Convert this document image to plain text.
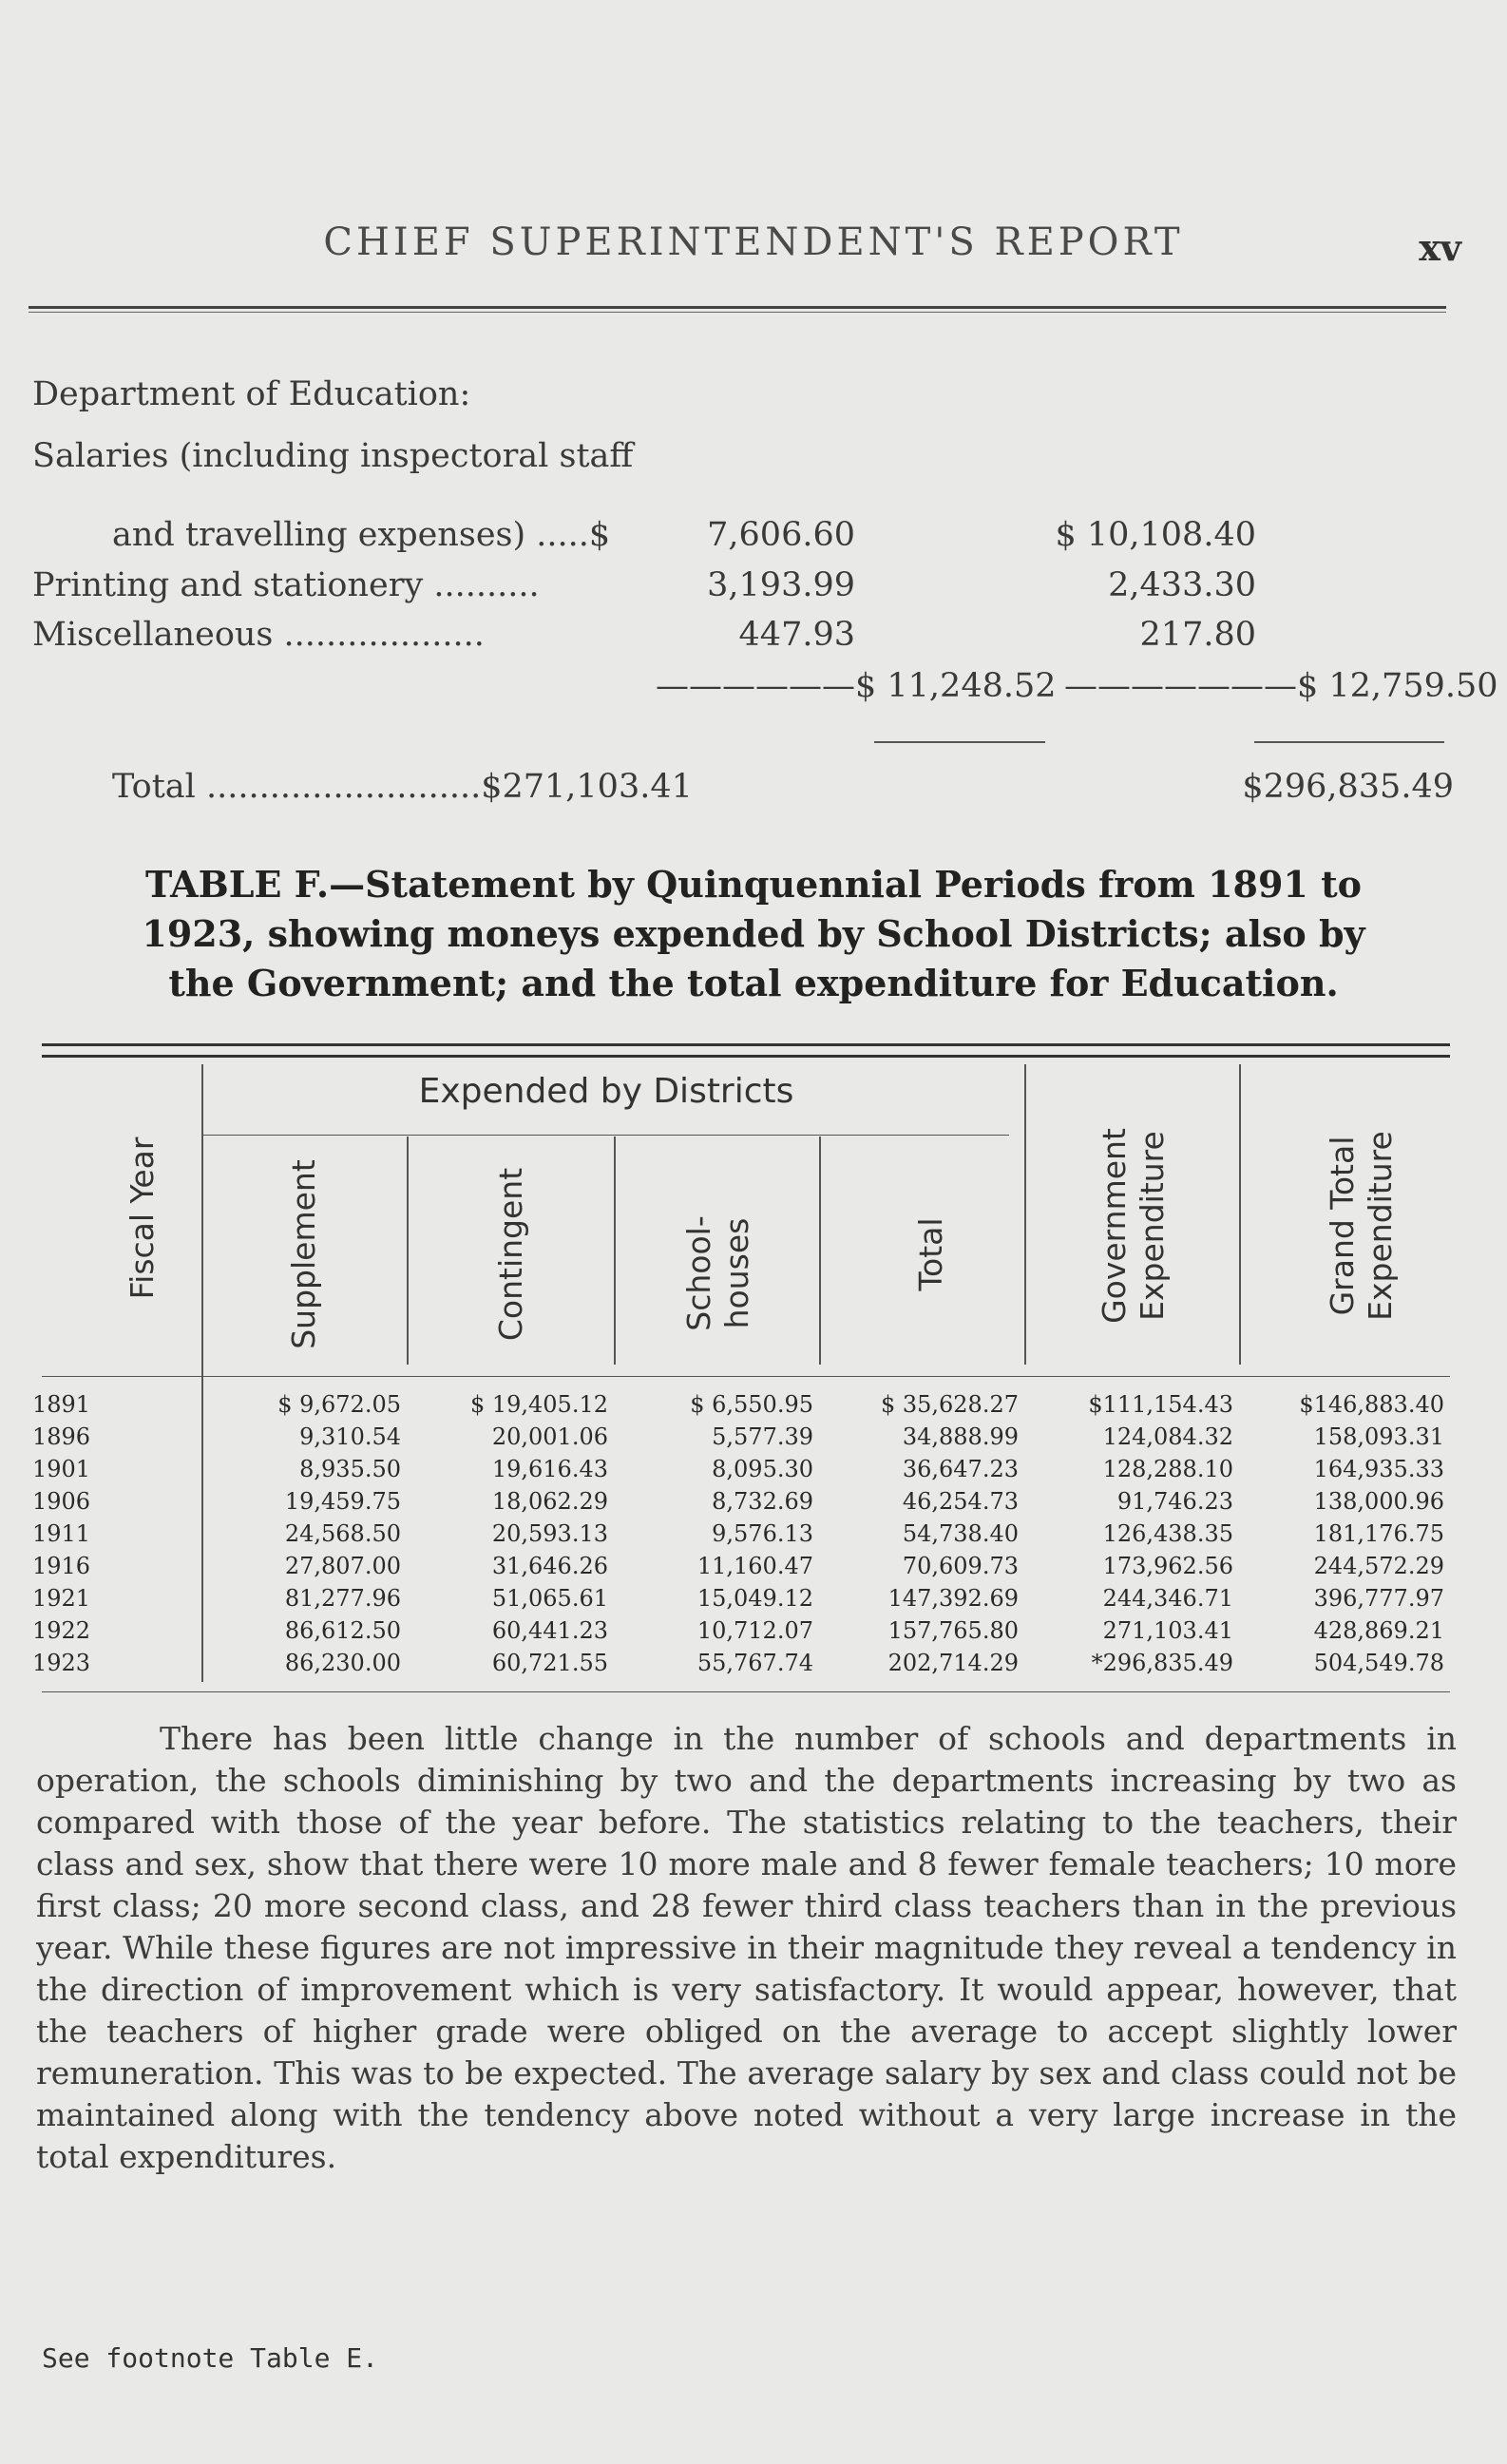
CHIEF SUPERINTENDENT'S REPORT	xv
Department of Education:
Salaries (including inspectoral staff
and travelling expenses) .....$	7,606.60	$ 10,108.40
Printing and stationery ..........	3,193.99	2,433.30
Miscellaneous ...................	447.93	217.80
——————$ 11,248.52 ———————$ 12,759.50
Total ..........................$271,103.41	$296,835.49
TABLE F.—Statement by Quinquennial Periods from 1891 to
1923, showing moneys expended by School Districts; also by
the Government; and the total expenditure for Education.
Expended by Districts
Fiscal Year	Supplement	Contingent	School- houses	Total	Government Expenditure	Grand Total Expenditure
1891	$ 9,672.05	$ 19,405.12	$ 6,550.95	$ 35,628.27	$111,154.43	$146,883.40
1896	9,310.54	20,001.06	5,577.39	34,888.99	124,084.32	158,093.31
1901	8,935.50	19,616.43	8,095.30	36,647.23	128,288.10	164,935.33
1906	19,459.75	18,062.29	8,732.69	46,254.73	91,746.23	138,000.96
1911	24,568.50	20,593.13	9,576.13	54,738.40	126,438.35	181,176.75
1916	27,807.00	31,646.26	11,160.47	70,609.73	173,962.56	244,572.29
1921	81,277.96	51,065.61	15,049.12	147,392.69	244,346.71	396,777.97
1922	86,612.50	60,441.23	10,712.07	157,765.80	271,103.41	428,869.21
1923	86,230.00	60,721.55	55,767.74	202,714.29	*296,835.49	504,549.78
There has been little change in the number of schools and departments in operation, the schools diminishing by two and the departments increasing by two as compared with those of the year before. The statistics relating to the teachers, their class and sex, show that there were 10 more male and 8 fewer female teachers; 10 more first class; 20 more second class, and 28 fewer third class teachers than in the previous year. While these figures are not impressive in their magnitude they reveal a tendency in the direction of improvement which is very satisfactory. It would appear, however, that the teachers of higher grade were obliged on the average to accept slightly lower remuneration. This was to be expected. The average salary by sex and class could not be maintained along with the tendency above noted without a very large increase in the total expenditures.
See footnote Table E.
